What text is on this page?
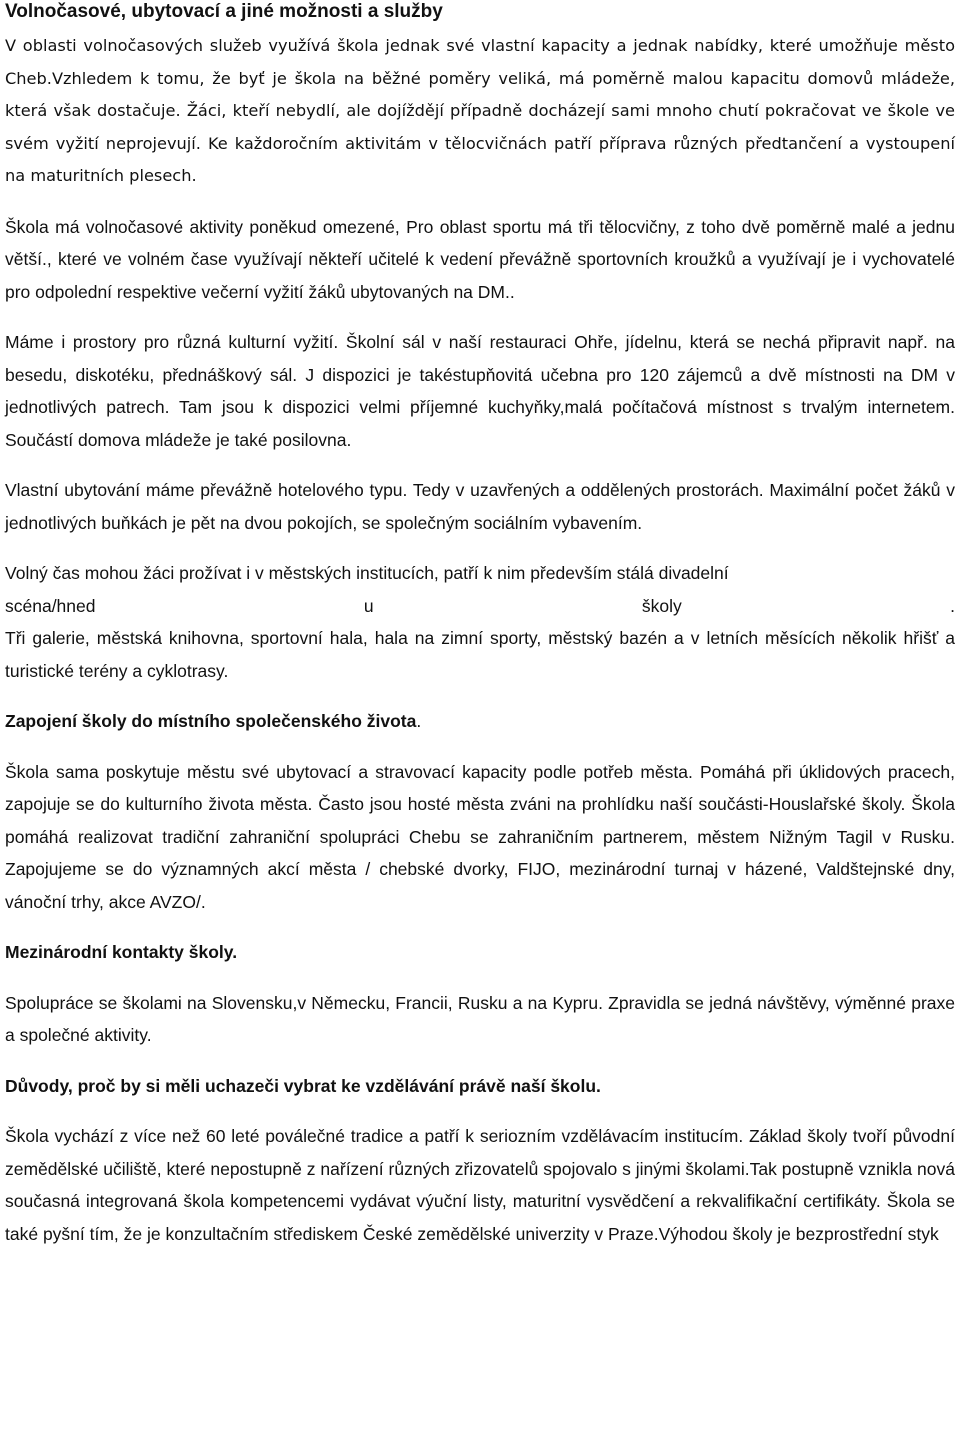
Volnočasové, ubytovací a jiné možnosti a služby

V oblasti volnočasových služeb využívá škola jednak své vlastní kapacity a jednak nabídky, které umožňuje město Cheb.Vzhledem k tomu, že byť je škola na běžné poměry veliká, má poměrně malou kapacitu domovů mládeže, která však dostačuje. Žáci, kteří nebydlí, ale dojíždějí případně docházejí sami mnoho chutí pokračovat ve škole ve svém vyžití neprojevují. Ke každoročním aktivitám v tělocvičnách patří příprava různých předtančení a vystoupení na maturitních plesech.

Škola má volnočasové aktivity poněkud omezené, Pro oblast sportu má tři tělocvičny, z toho dvě poměrně malé a jednu větší., které ve volném čase využívají někteří učitelé k vedení převážně sportovních kroužků a využívají je i vychovatelé pro odpolední respektive večerní vyžití žáků ubytovaných na DM..

Máme i prostory pro různá kulturní vyžití. Školní sál v naší restauraci Ohře, jídelnu, která se nechá připravit např. na besedu, diskotéku, přednáškový sál. J dispozici je takéstupňovitá učebna pro 120 zájemců a dvě místnosti na DM v jednotlivých patrech. Tam jsou k dispozici velmi příjemné kuchyňky,malá počítačová místnost s trvalým internetem. Součástí domova mládeže je také posilovna.

Vlastní ubytování máme převážně hotelového typu. Tedy v uzavřených a oddělených prostorách. Maximální počet žáků v jednotlivých buňkách je pět na dvou pokojích, se společným sociálním vybavením.

Volný čas mohou žáci prožívat i v městských institucích, patří k nim především stálá divadelní

scéna/hned	u	školy	.

Tři galerie, městská knihovna, sportovní hala, hala na zimní sporty, městský bazén a v letních měsících několik hřišť a turistické terény a cyklotrasy.

Zapojení školy do místního společenského života.

Škola sama poskytuje městu své ubytovací a stravovací kapacity podle potřeb města. Pomáhá při úklidových pracech, zapojuje se do kulturního života města. Často jsou hosté města zváni na prohlídku naší součásti-Houslařské školy. Škola pomáhá realizovat tradiční zahraniční spolupráci Chebu se zahraničním partnerem, městem Nižným Tagil v Rusku. Zapojujeme se do významných akcí města / chebské dvorky, FIJO, mezinárodní turnaj v házené, Valdštejnské dny, vánoční trhy, akce AVZO/.

Mezinárodní kontakty školy.

Spolupráce se školami na Slovensku,v Německu, Francii, Rusku a na Kypru. Zpravidla se jedná návštěvy, výměnné praxe a společné aktivity.

Důvody, proč by si měli uchazeči vybrat ke vzdělávání právě naší školu.

Škola vychází z více než 60 leté poválečné tradice a patří k seriozním vzdělávacím institucím. Základ školy tvoří původní zemědělské učiliště, které nepostupně z nařízení různých zřizovatelů spojovalo s jinými školami.Tak postupně vznikla nová současná integrovaná škola kompetencemi vydávat výuční listy, maturitní vysvědčení a rekvalifikační certifikáty. Škola se také pyšní tím, že je konzultačním střediskem České zemědělské univerzity v Praze.Výhodou školy je bezprostřední styk
